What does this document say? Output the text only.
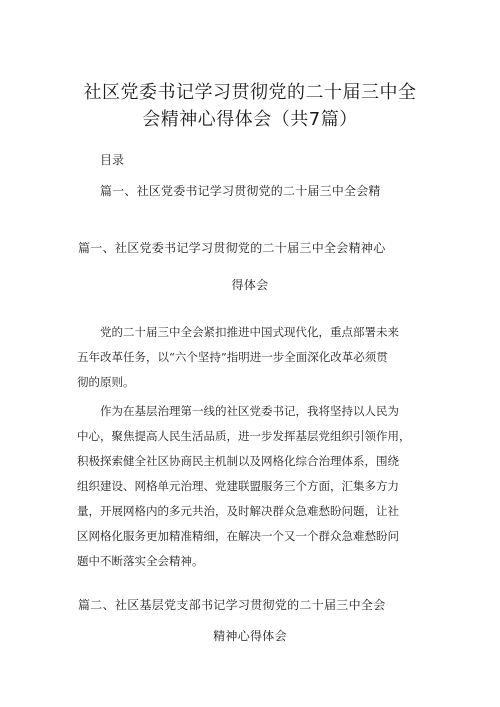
社区党委书记学习贯彻党的二十届三中全
会精神心得体会（共7篇）
目录
篇一、社区党委书记学习贯彻党的二十届三中全会精
篇一、社区党委书记学习贯彻党的二十届三中全会精神心
得体会
党的二十届三中全会紧扣推进中国式现代化，重点部署未来
五年改革任务，以“六个坚持”指明进一步全面深化改革必须贯
彻的原则。
作为在基层治理第一线的社区党委书记，我将坚持以人民为
中心，聚焦提高人民生活品质，进一步发挥基层党组织引领作用，
积极探索健全社区协商民主机制以及网格化综合治理体系，围绕
组织建设、网格单元治理、党建联盟服务三个方面，汇集多方力
量，开展网格内的多元共治，及时解决群众急难愁盼问题，让社
区网格化服务更加精准精细，在解决一个又一个群众急难愁盼问
题中不断落实全会精神。
篇二、社区基层党支部书记学习贯彻党的二十届三中全会
精神心得体会
